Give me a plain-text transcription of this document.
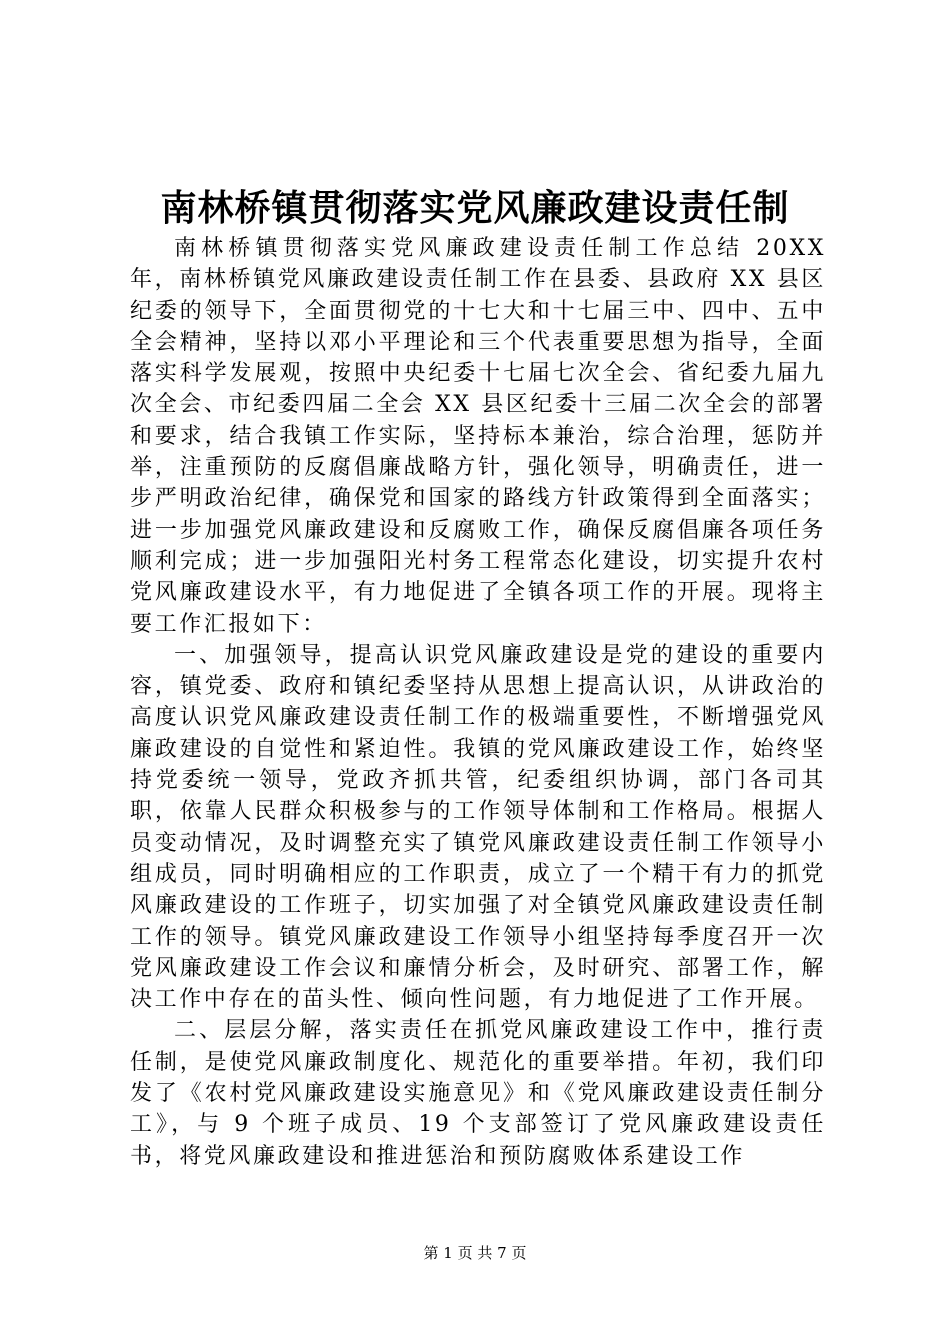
南林桥镇贯彻落实党风廉政建设责任制

南林桥镇贯彻落实党风廉政建设责任制工作总结 20XX 年，南林桥镇党风廉政建设责任制工作在县委、县政府 XX 县区纪委的领导下，全面贯彻党的十七大和十七届三中、四中、五中全会精神，坚持以邓小平理论和三个代表重要思想为指导，全面落实科学发展观，按照中央纪委十七届七次全会、省纪委九届九次全会、市纪委四届二全会 XX 县区纪委十三届二次全会的部署和要求，结合我镇工作实际，坚持标本兼治，综合治理，惩防并举，注重预防的反腐倡廉战略方针，强化领导，明确责任，进一步严明政治纪律，确保党和国家的路线方针政策得到全面落实；进一步加强党风廉政建设和反腐败工作，确保反腐倡廉各项任务顺利完成；进一步加强阳光村务工程常态化建设，切实提升农村党风廉政建设水平，有力地促进了全镇各项工作的开展。现将主要工作汇报如下：

一、加强领导，提高认识党风廉政建设是党的建设的重要内容，镇党委、政府和镇纪委坚持从思想上提高认识，从讲政治的高度认识党风廉政建设责任制工作的极端重要性，不断增强党风廉政建设的自觉性和紧迫性。我镇的党风廉政建设工作，始终坚持党委统一领导，党政齐抓共管，纪委组织协调，部门各司其职，依靠人民群众积极参与的工作领导体制和工作格局。根据人员变动情况，及时调整充实了镇党风廉政建设责任制工作领导小组成员，同时明确相应的工作职责，成立了一个精干有力的抓党风廉政建设的工作班子，切实加强了对全镇党风廉政建设责任制工作的领导。镇党风廉政建设工作领导小组坚持每季度召开一次党风廉政建设工作会议和廉情分析会，及时研究、部署工作，解决工作中存在的苗头性、倾向性问题，有力地促进了工作开展。

二、层层分解，落实责任在抓党风廉政建设工作中，推行责任制，是使党风廉政制度化、规范化的重要举措。年初，我们印发了《农村党风廉政建设实施意见》和《党风廉政建设责任制分工》，与 9 个班子成员、19 个支部签订了党风廉政建设责任书，将党风廉政建设和推进惩治和预防腐败体系建设工作

第 1 页 共 7 页
